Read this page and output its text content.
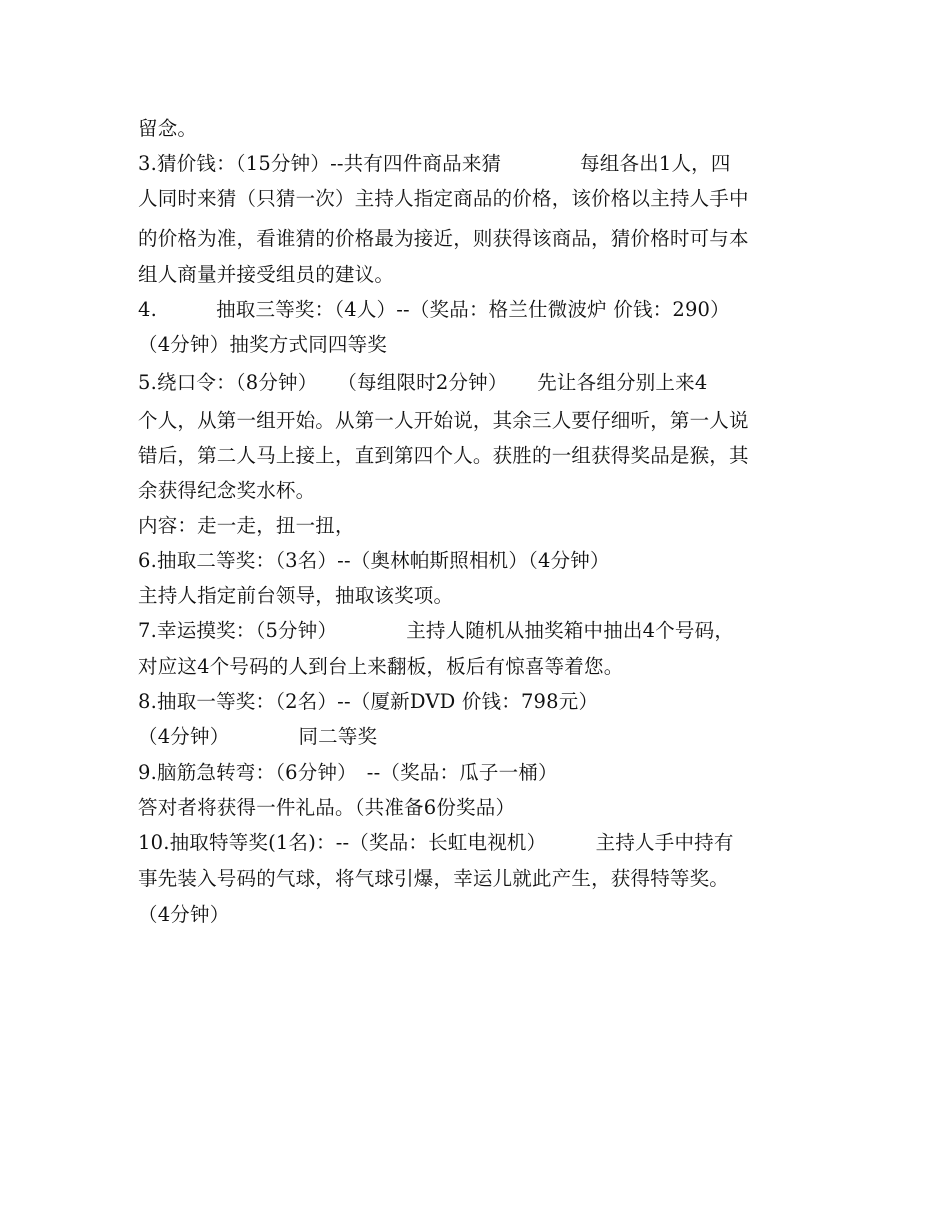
留念。
3.猜价钱：（15分钟）--共有四件商品来猜　　　　每组各出1人，四
人同时来猜（只猜一次）主持人指定商品的价格，该价格以主持人手中
的价格为准，看谁猜的价格最为接近，则获得该商品，猜价格时可与本
组人商量并接受组员的建议。
4.　　　抽取三等奖：（4人）--（奖品：格兰仕微波炉 价钱：290）
（4分钟）抽奖方式同四等奖
5.绕口令：（8分钟）　　（每组限时2分钟）　　先让各组分别上来4
个人，从第一组开始。从第一人开始说，其余三人要仔细听，第一人说
错后，第二人马上接上，直到第四个人。获胜的一组获得奖品是猴，其
余获得纪念奖水杯。
内容：走一走，扭一扭，
6.抽取二等奖：（3名）--（奥林帕斯照相机）（4分钟）
主持人指定前台领导，抽取该奖项。
7.幸运摸奖：（5分钟）　　　　主持人随机从抽奖箱中抽出4个号码，
对应这4个号码的人到台上来翻板，板后有惊喜等着您。
8.抽取一等奖：（2名）--（厦新DVD 价钱：798元）
（4分钟）　　　　同二等奖
9.脑筋急转弯：（6分钟）　--（奖品：瓜子一桶）
答对者将获得一件礼品。（共准备6份奖品）
10.抽取特等奖(1名)：--（奖品：长虹电视机）　　　主持人手中持有
事先装入号码的气球，将气球引爆，幸运儿就此产生，获得特等奖。
（4分钟）
